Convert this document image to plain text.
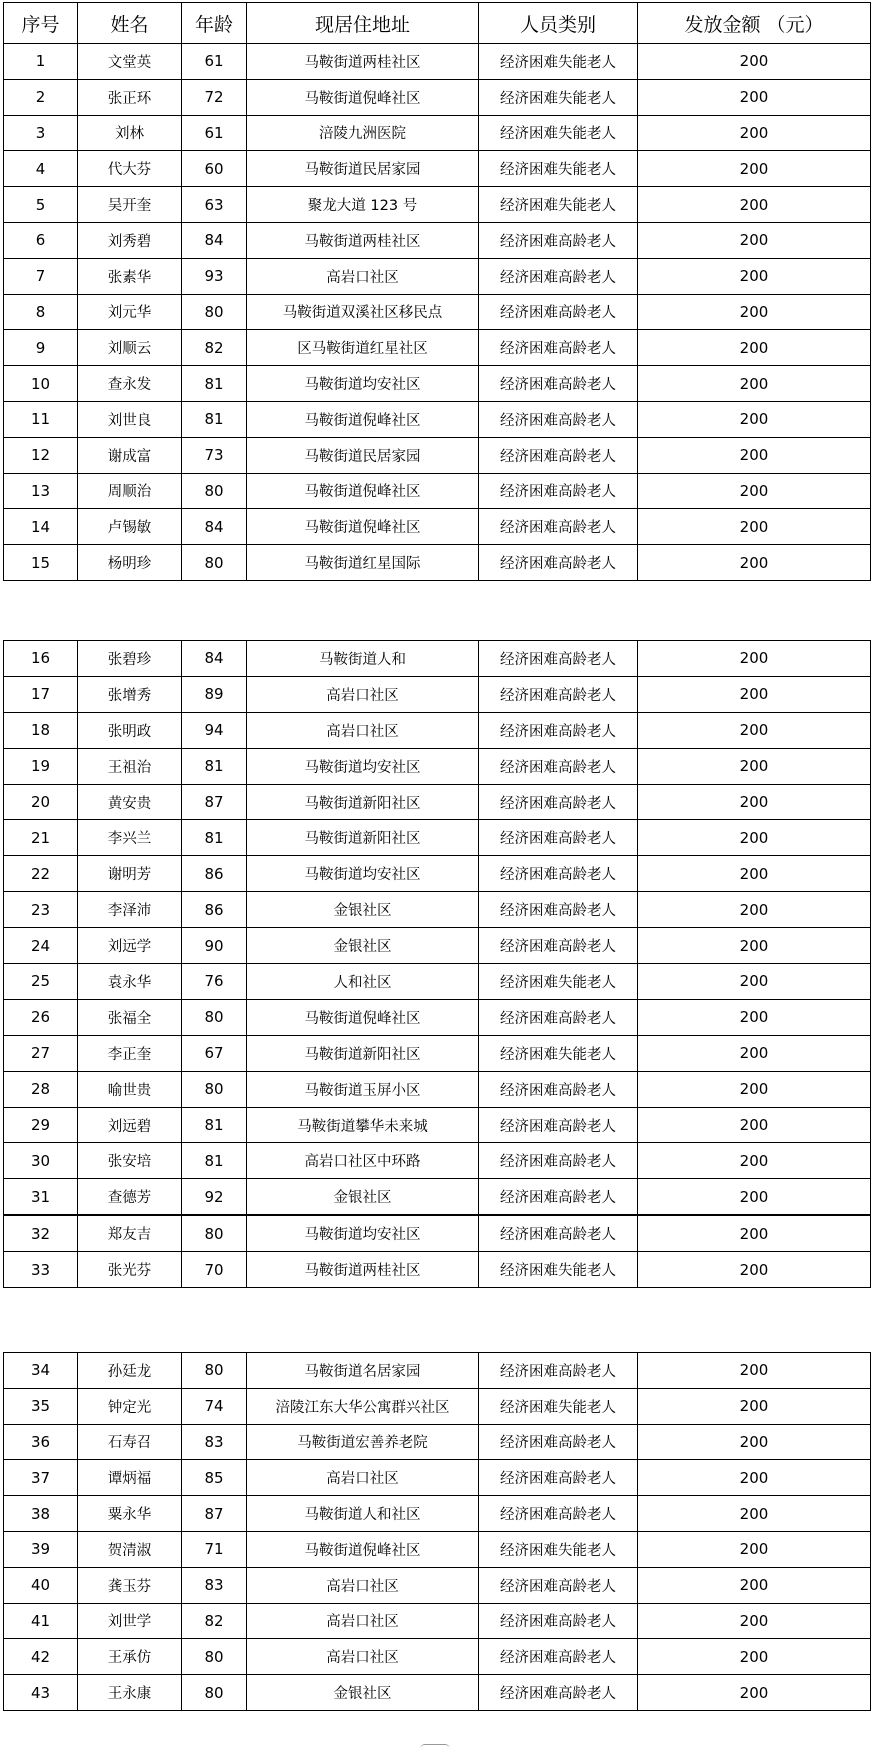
序号	姓名	年龄	现居住地址	人员类别	发放金额 （元）
1	文堂英	61	马鞍街道两桂社区	经济困难失能老人	200
2	张正环	72	马鞍街道倪峰社区	经济困难失能老人	200
3	刘林	61	涪陵九洲医院	经济困难失能老人	200
4	代大芬	60	马鞍街道民居家园	经济困难失能老人	200
5	吴开奎	63	聚龙大道 123 号	经济困难失能老人	200
6	刘秀碧	84	马鞍街道两桂社区	经济困难高龄老人	200
7	张素华	93	高岩口社区	经济困难高龄老人	200
8	刘元华	80	马鞍街道双溪社区移民点	经济困难高龄老人	200
9	刘顺云	82	区马鞍街道红星社区	经济困难高龄老人	200
10	查永发	81	马鞍街道均安社区	经济困难高龄老人	200
11	刘世良	81	马鞍街道倪峰社区	经济困难高龄老人	200
12	谢成富	73	马鞍街道民居家园	经济困难高龄老人	200
13	周顺治	80	马鞍街道倪峰社区	经济困难高龄老人	200
14	卢锡敏	84	马鞍街道倪峰社区	经济困难高龄老人	200
15	杨明珍	80	马鞍街道红星国际	经济困难高龄老人	200
16	张碧珍	84	马鞍街道人和	经济困难高龄老人	200
17	张增秀	89	高岩口社区	经济困难高龄老人	200
18	张明政	94	高岩口社区	经济困难高龄老人	200
19	王祖治	81	马鞍街道均安社区	经济困难高龄老人	200
20	黄安贵	87	马鞍街道新阳社区	经济困难高龄老人	200
21	李兴兰	81	马鞍街道新阳社区	经济困难高龄老人	200
22	谢明芳	86	马鞍街道均安社区	经济困难高龄老人	200
23	李泽沛	86	金银社区	经济困难高龄老人	200
24	刘远学	90	金银社区	经济困难高龄老人	200
25	袁永华	76	人和社区	经济困难失能老人	200
26	张福全	80	马鞍街道倪峰社区	经济困难高龄老人	200
27	李正奎	67	马鞍街道新阳社区	经济困难失能老人	200
28	喻世贵	80	马鞍街道玉屏小区	经济困难高龄老人	200
29	刘远碧	81	马鞍街道攀华未来城	经济困难高龄老人	200
30	张安培	81	高岩口社区中环路	经济困难高龄老人	200
31	查德芳	92	金银社区	经济困难高龄老人	200
32	郑友吉	80	马鞍街道均安社区	经济困难高龄老人	200
33	张光芬	70	马鞍街道两桂社区	经济困难失能老人	200
34	孙廷龙	80	马鞍街道名居家园	经济困难高龄老人	200
35	钟定光	74	涪陵江东大华公寓群兴社区	经济困难失能老人	200
36	石寿召	83	马鞍街道宏善养老院	经济困难高龄老人	200
37	谭炳福	85	高岩口社区	经济困难高龄老人	200
38	粟永华	87	马鞍街道人和社区	经济困难高龄老人	200
39	贺清淑	71	马鞍街道倪峰社区	经济困难失能老人	200
40	龚玉芬	83	高岩口社区	经济困难高龄老人	200
41	刘世学	82	高岩口社区	经济困难高龄老人	200
42	王承仿	80	高岩口社区	经济困难高龄老人	200
43	王永康	80	金银社区	经济困难高龄老人	200
